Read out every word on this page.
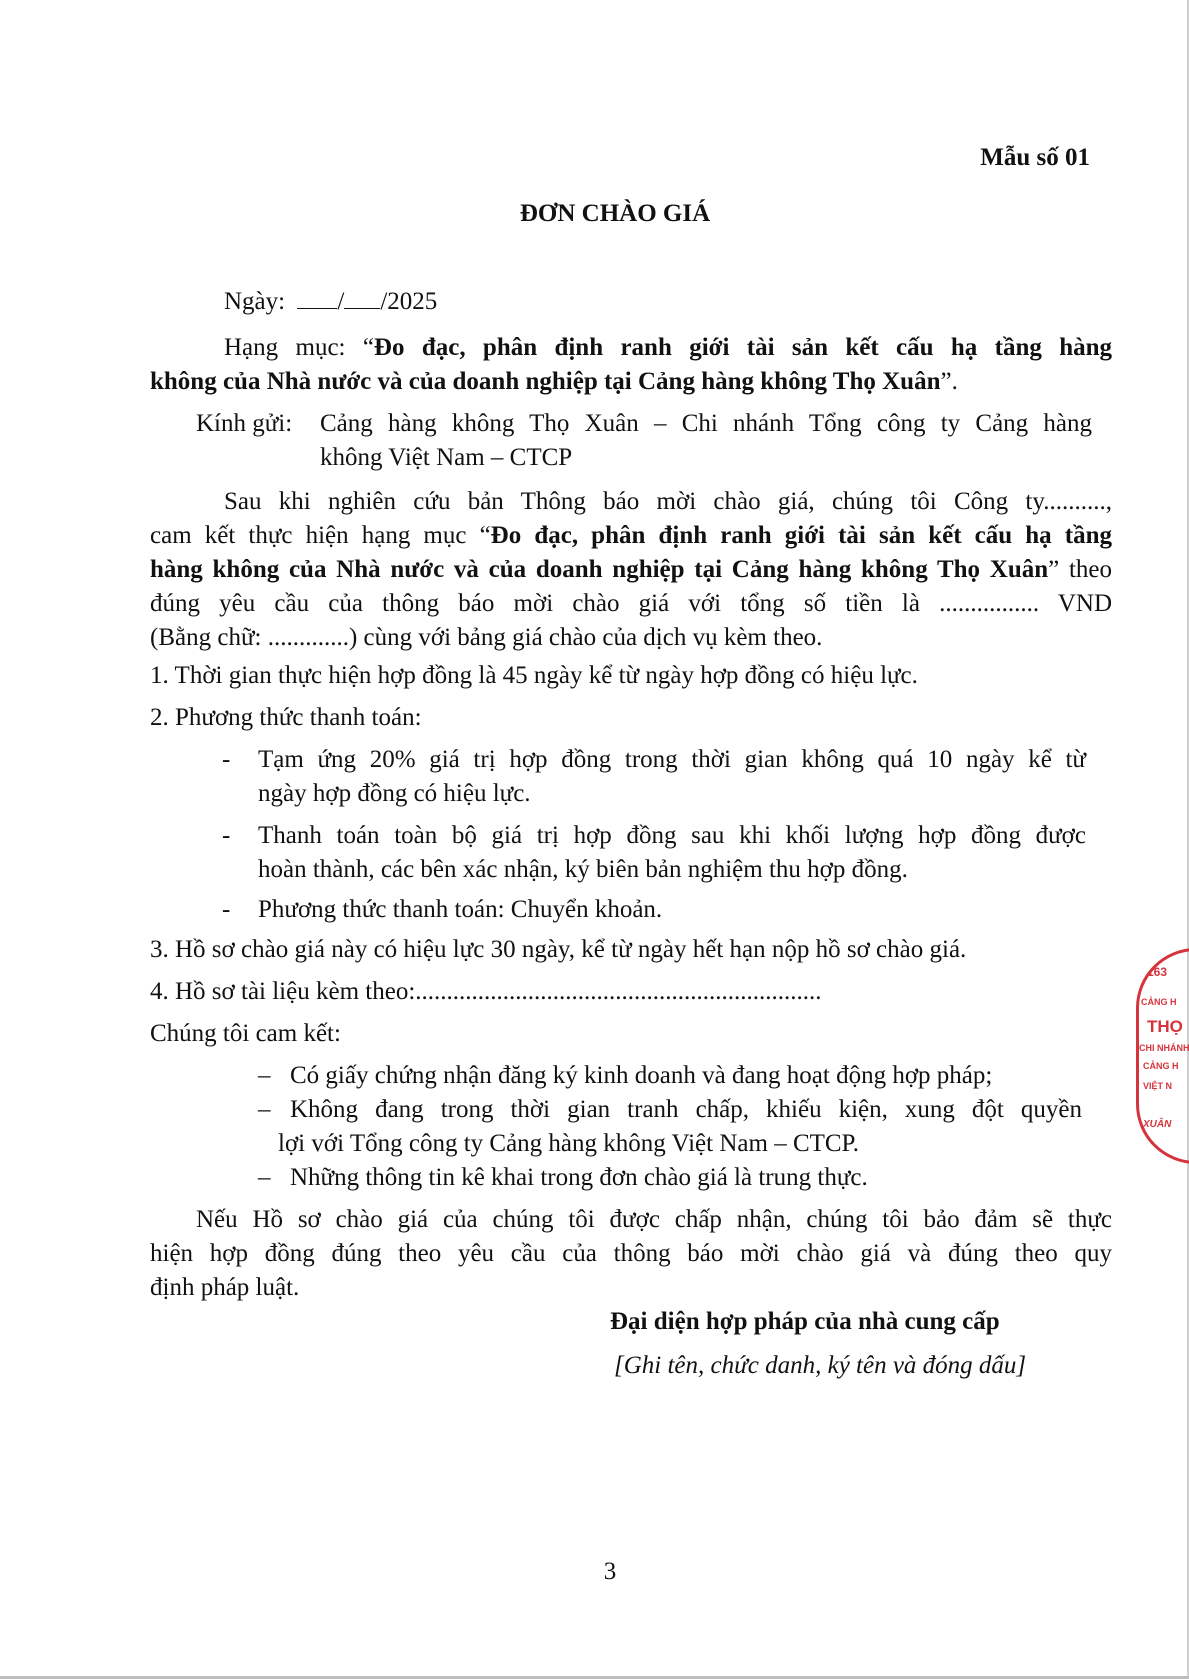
Mẫu số 01
ĐƠN CHÀO GIÁ
Ngày: / /2025
Hạng mục: “Đo đạc, phân định ranh giới tài sản kết cấu hạ tầng hàng
không của Nhà nước và của doanh nghiệp tại Cảng hàng không Thọ Xuân”.
Kính gửi: Cảng hàng không Thọ Xuân – Chi nhánh Tổng công ty Cảng hàng
không Việt Nam – CTCP
Sau khi nghiên cứu bản Thông báo mời chào giá, chúng tôi Công ty..........,
cam kết thực hiện hạng mục “Đo đạc, phân định ranh giới tài sản kết cấu hạ tầng
hàng không của Nhà nước và của doanh nghiệp tại Cảng hàng không Thọ Xuân” theo
đúng yêu cầu của thông báo mời chào giá với tổng số tiền là ................ VND
(Bằng chữ: .............) cùng với bảng giá chào của dịch vụ kèm theo.
1. Thời gian thực hiện hợp đồng là 45 ngày kể từ ngày hợp đồng có hiệu lực.
2. Phương thức thanh toán:
- Tạm ứng 20% giá trị hợp đồng trong thời gian không quá 10 ngày kể từ
ngày hợp đồng có hiệu lực.
- Thanh toán toàn bộ giá trị hợp đồng sau khi khối lượng hợp đồng được
hoàn thành, các bên xác nhận, ký biên bản nghiệm thu hợp đồng.
- Phương thức thanh toán: Chuyển khoản.
3. Hồ sơ chào giá này có hiệu lực 30 ngày, kể từ ngày hết hạn nộp hồ sơ chào giá.
4. Hồ sơ tài liệu kèm theo:.................................................................
Chúng tôi cam kết:
– Có giấy chứng nhận đăng ký kinh doanh và đang hoạt động hợp pháp;
– Không đang trong thời gian tranh chấp, khiếu kiện, xung đột quyền
lợi với Tổng công ty Cảng hàng không Việt Nam – CTCP.
– Những thông tin kê khai trong đơn chào giá là trung thực.
Nếu Hồ sơ chào giá của chúng tôi được chấp nhận, chúng tôi bảo đảm sẽ thực
hiện hợp đồng đúng theo yêu cầu của thông báo mời chào giá và đúng theo quy
định pháp luật.
Đại diện hợp pháp của nhà cung cấp
[Ghi tên, chức danh, ký tên và đóng dấu]
3
163
CẢNG H
THỌ
CHI NHÁNH
CẢNG H
VIỆT N
XUÂN
